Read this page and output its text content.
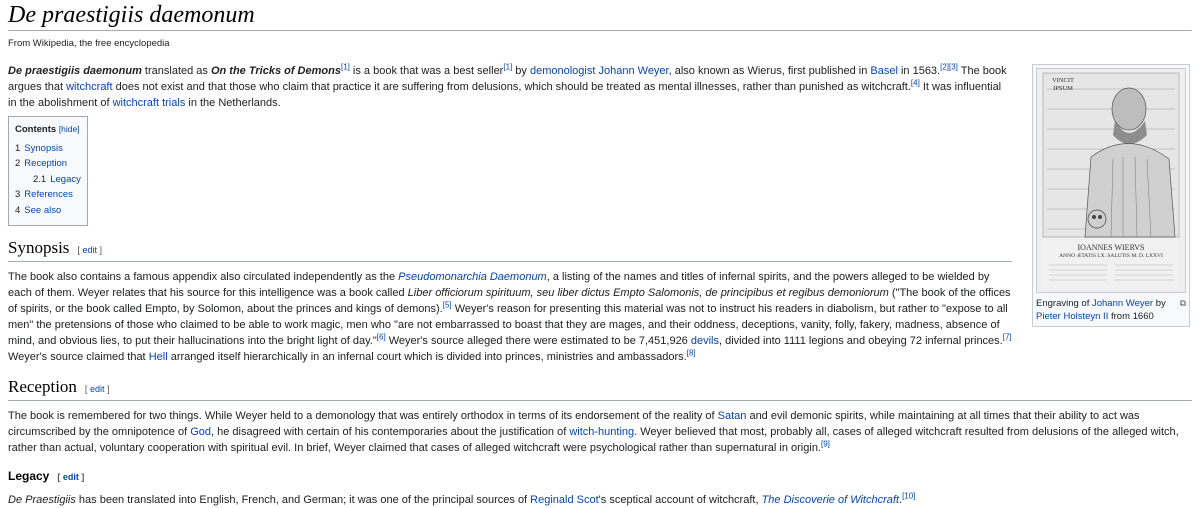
De praestigiis daemonum
From Wikipedia, the free encyclopedia
VINCIT IPSUM
IOANNES WIERVS
ANNO ÆTATIS LX. SALUTIS M. D. LXXVI
Engraving of Johann Weyer by
Pieter Holsteyn II from 1660
⧉

De praestigiis daemonum translated as On the Tricks of Demons[1] is a book that was a best seller[1] by demonologist Johann Weyer, also known as Wierus, first published in Basel in 1563.[2][3] The book argues that witchcraft does not exist and that those who claim that practice it are suffering from delusions, which should be treated as mental illnesses, rather than punished as witchcraft.[4] It was influential in the abolishment of witchcraft trials in the Netherlands.

Contents [hide]
1 Synopsis
2 Reception
2.1 Legacy
3 References
4 See also
Synopsis [ edit ]

The book also contains a famous appendix also circulated independently as the Pseudomonarchia Daemonum, a listing of the names and titles of infernal spirits, and the powers alleged to be wielded by each of them. Weyer relates that his source for this intelligence was a book called Liber officiorum spirituum, seu liber dictus Empto Salomonis, de principibus et regibus demoniorum ("The book of the offices of spirits, or the book called Empto, by Solomon, about the princes and kings of demons).[5] Weyer's reason for presenting this material was not to instruct his readers in diabolism, but rather to "expose to all men" the pretensions of those who claimed to be able to work magic, men who "are not embarrassed to boast that they are mages, and their oddness, deceptions, vanity, folly, fakery, madness, absence of mind, and obvious lies, to put their hallucinations into the bright light of day."[6] Weyer's source alleged there were estimated to be 7,451,926 devils, divided into 1111 legions and obeying 72 infernal princes.[7] Weyer's source claimed that Hell arranged itself hierarchically in an infernal court which is divided into princes, ministries and ambassadors.[8]

Reception [ edit ]

The book is remembered for two things. While Weyer held to a demonology that was entirely orthodox in terms of its endorsement of the reality of Satan and evil demonic spirits, while maintaining at all times that their ability to act was circumscribed by the omnipotence of God, he disagreed with certain of his contemporaries about the justification of witch-hunting. Weyer believed that most, probably all, cases of alleged witchcraft resulted from delusions of the alleged witch, rather than actual, voluntary cooperation with spiritual evil. In brief, Weyer claimed that cases of alleged witchcraft were psychological rather than supernatural in origin.[9]

Legacy [ edit ]

De Praestigiis has been translated into English, French, and German; it was one of the principal sources of Reginald Scot's sceptical account of witchcraft, The Discoverie of Witchcraft.[10]
